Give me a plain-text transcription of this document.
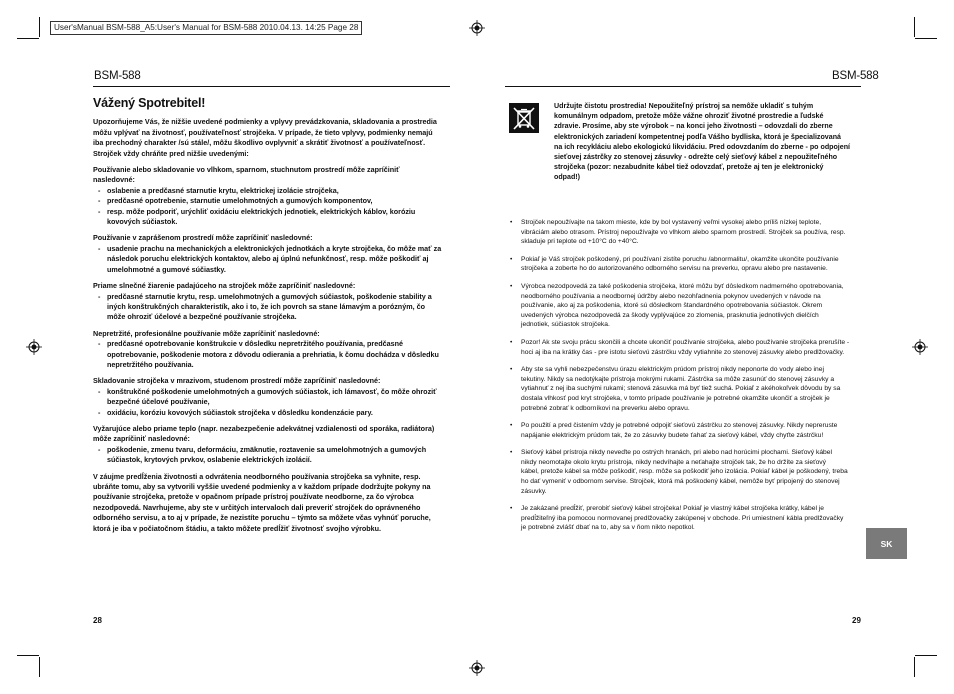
User'sManual BSM-588_A5:User's Manual for BSM-588 2010.04.13. 14:25 Page 28
BSM-588	BSM-588
Vážený Spotrebitel!
Upozorňujeme Vás, že nižšie uvedené podmienky a vplyvy prevádzkovania, skladovania a prostredia
môžu vplývať na životnosť, používateľnosť strojčeka. V prípade, že tieto vplyvy, podmienky nemajú
iba prechodný charakter /sú stále/, môžu škodlivo ovplyvniť a skrátiť životnosť a používateľnosť.
Strojček vždy chráňte pred nižšie uvedenými:
Používanie alebo skladovanie vo vlhkom, sparnom, stuchnutom prostredí môže zapríčiniť
nasledovné:
- oslabenie a predčasné starnutie krytu, elektrickej izolácie strojčeka,
- predčasné opotrebenie, starnutie umelohmotných a gumových komponentov,
- resp. môže podporiť, urýchliť oxidáciu elektrických jednotiek, elektrických káblov, koróziu
kovových súčiastok.
Používanie v zaprášenom prostredí môže zapríčiniť nasledovné:
- usadenie prachu na mechanických a elektronických jednotkách a kryte strojčeka, čo môže mať za
následok poruchu elektrických kontaktov, alebo aj úplnú nefunkčnosť, resp. môže poškodiť aj
umelohmotné a gumové súčiastky.
Priame slnečné žiarenie padajúceho na strojček môže zapríčiniť nasledovné:
- predčasné starnutie krytu, resp. umelohmotných a gumových súčiastok, poškodenie stability a
iných konštrukčných charakteristík, ako i to, že ich povrch sa stane lámavým a porózným, čo
môže ohroziť účelové a bezpečné používanie strojčeka.
Nepretržité, profesionálne používanie môže zapríčiniť nasledovné:
- predčasné opotrebovanie konštrukcie v dôsledku nepretržitého používania, predčasné
opotrebovanie, poškodenie motora z dôvodu odierania a prehriatia, k čomu dochádza v dôsledku
nepretržitého používania.
Skladovanie strojčeka v mrazivom, studenom prostredí môže zapríčiniť nasledovné:
- konštrukčné poškodenie umelohmotných a gumových súčiastok, ich lámavosť, čo môže ohroziť
bezpečné účelové používanie,
- oxidáciu, koróziu kovových súčiastok strojčeka v dôsledku kondenzácie pary.
Vyžarujúce alebo priame teplo (napr. nezabezpečenie adekvátnej vzdialenosti od sporáka, radiátora)
môže zapríčiniť nasledovné:
- poškodenie, zmenu tvaru, deformáciu, zmäknutie, roztavenie sa umelohmotných a gumových
súčiastok, krytových prvkov, oslabenie elektrických izolácií.
V záujme predĺženia životnosti a odvrátenia neodborného používania strojčeka sa vyhnite, resp.
ubráňte tomu, aby sa vytvorili vyššie uvedené podmienky a v každom prípade dodržujte pokyny na
používanie strojčeka, pretože v opačnom prípade prístroj používate neodborne, za čo výrobca
nezodpovedá. Navrhujeme, aby ste v určitých intervaloch dali preveriť strojček do oprávneného
odborného servisu, a to aj v prípade, že nezistíte poruchu – týmto sa môžete včas vyhnúť poruche,
ktorá je iba v počiatočnom štádiu, a takto môžete predĺžiť životnosť svojho výrobku.
28
Udržujte čistotu prostredia! Nepoužiteľný prístroj sa nemôže ukladiť s tuhým
komunálnym odpadom, pretože môže vážne ohroziť životné prostredie a ľudské
zdravie. Prosíme, aby ste výrobok – na konci jeho životnosti – odovzdali do zberne
elektronických zariadení kompetentnej podľa Vášho bydliska, ktorá je špecializovaná
na ich recykláciu alebo ekologickú likvidáciu. Pred odovzdaním do zberne - po odpojení
sieťovej zástrčky zo stenovej zásuvky - odrežte celý sieťový kábel z nepoužiteľného
strojčeka (pozor: nezabudnite kábel tiež odovzdať, pretože aj ten je elektronický
odpad!)
• Strojček nepoužívajte na takom mieste, kde by bol vystavený veľmi vysokej alebo príliš nízkej teplote,
vibráciám alebo otrasom. Prístroj nepoužívajte vo vlhkom alebo sparnom prostredí. Strojček sa používa, resp.
skladuje pri teplote od +10°C do +40°C.
• Pokiaľ je Váš strojček poškodený, pri používaní zistíte poruchu /abnormalitu/, okamžite ukončite používanie
strojčeka a zoberte ho do autorizovaného odborného servisu na preverku, opravu alebo pre nastavenie.
• Výrobca nezodpovedá za také poškodenia strojčeka, ktoré môžu byť dôsledkom nadmerného opotrebovania,
neodborného používania a neodbornej údržby alebo nezohľadnenia pokynov uvedených v návode na
používanie, ako aj za poškodenia, ktoré sú dôsledkom štandardného opotrebovania súčiastok. Okrem
uvedených výrobca nezodpovedá za škody vyplývajúce zo zlomenia, prasknutia jednotlivých dielčích
jednotiek, súčiastok strojčeka.
• Pozor! Ak ste svoju prácu skončili a chcete ukončiť používanie strojčeka, alebo používanie strojčeka prerušíte -
hoci aj iba na krátky čas - pre istotu sieťovú zástrčku vždy vytiahnite zo stenovej zásuvky alebo predlžovačky.
• Aby ste sa vyhli nebezpečenstvu úrazu elektrickým prúdom prístroj nikdy neponorte do vody alebo inej
tekutiny. Nikdy sa nedotýkajte prístroja mokrými rukami. Zástrčka sa môže zasunúť do stenovej zásuvky a
vytiahnuť z nej iba suchými rukami; stenová zásuvka má byť tiež suchá. Pokiaľ z akéhokoľvek dôvodu by sa
dostala vlhkosť pod kryt strojčeka, v tomto prípade používanie je potrebné okamžite ukončiť a strojček je
potrebné zobrať k odborníkovi na preverku alebo opravu.
• Po použití a pred čistením vždy je potrebné odpojiť sieťovú zástrčku zo stenovej zásuvky. Nikdy nepreruste
napájanie elektrickým prúdom tak, že zo zásuvky budete ťahať za sieťový kábel, vždy chyťte zástrčku!
• Sieťový kábel prístroja nikdy neveďte po ostrých hranách, pri alebo nad horúcimi plochami. Sieťový kábel
nikdy neomotajte okolo krytu prístroja, nikdy nedvíhajte a neťahajte strojček tak, že ho držíte za sieťový
kábel, pretože kábel sa môže poškodiť, resp. môže sa poškodiť jeho izolácia. Pokiaľ kábel je poškodený, treba
ho dať vymeniť v odbornom servise. Strojček, ktorá má poškodený kábel, nemôže byť pripojený do stenovej
zásuvky.
• Je zakázané predĺžiť, prerobiť sieťový kábel strojčeka! Pokiaľ je vlastný kábel strojčeka krátky, kábel je
predĺžiteľný iba pomocou normovanej predlžovačky zakúpenej v obchode. Pri umiestnení kábla predlžovačky
je potrebné zvlášť dbať na to, aby sa v ňom nikto nepotkol.
SK
29
